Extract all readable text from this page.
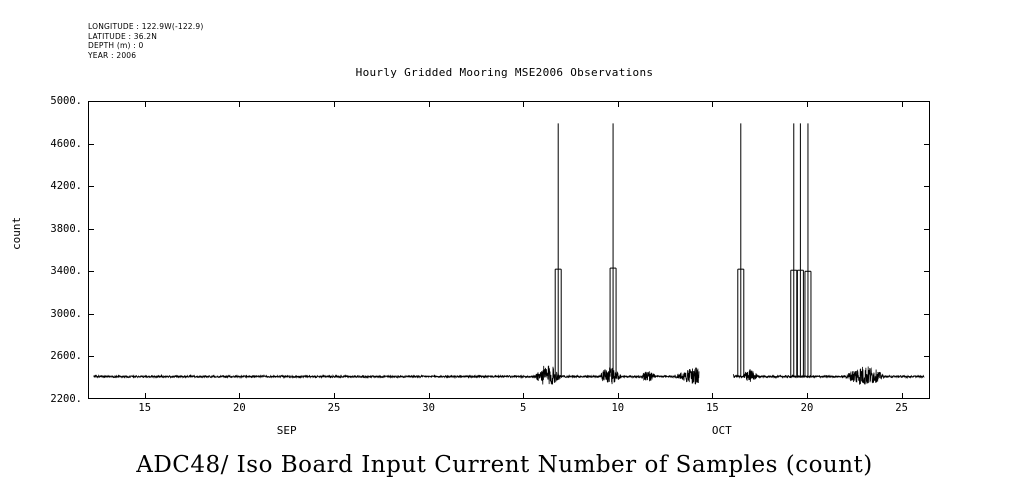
LONGITUDE : 122.9W(-122.9)
LATITUDE : 36.2N
DEPTH (m) : 0
YEAR : 2006
Hourly Gridded Mooring MSE2006 Observations
count
2200.
2600.
3000.
3400.
3800.
4200.
4600.
5000.
15	20	25	30	5	10	15	20	25
SEP	OCT
ADC48/ Iso Board Input Current Number of Samples (count)
